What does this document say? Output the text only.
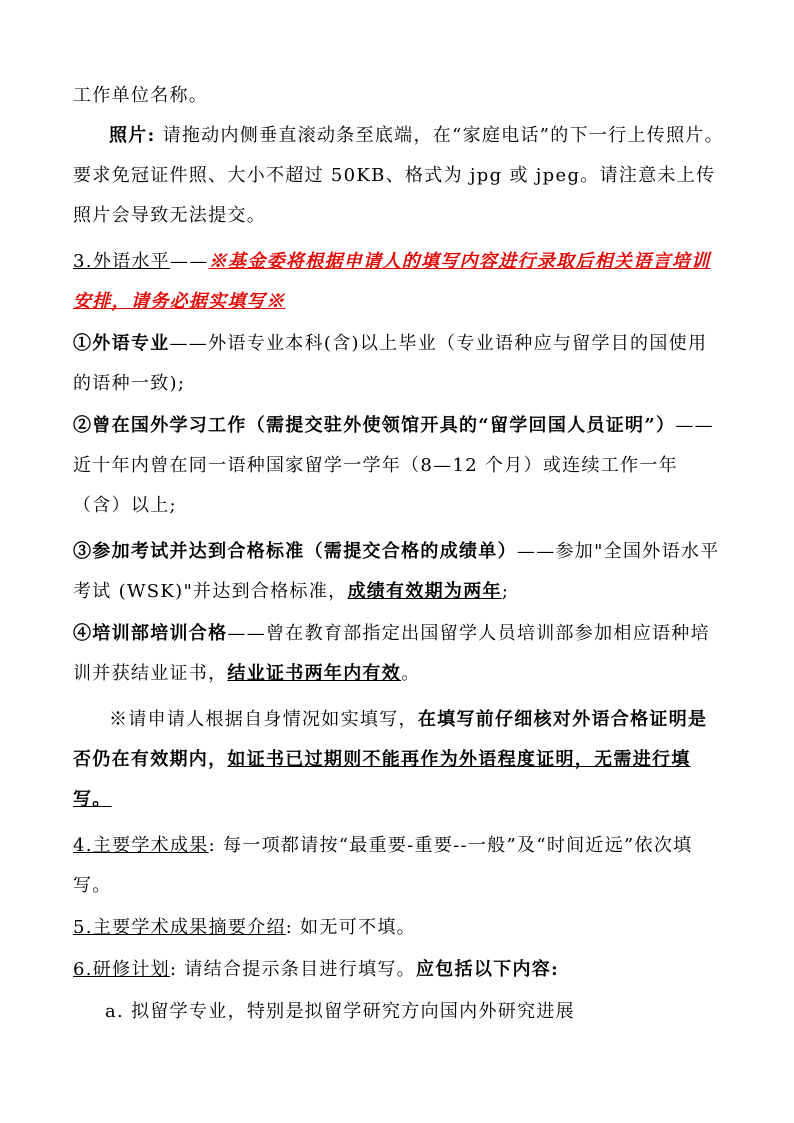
工作单位名称。

照片: 请拖动内侧垂直滚动条至底端，在“家庭电话”的下一行上传照片。要求免冠证件照、大小不超过 50KB、格式为 jpg 或 jpeg。请注意未上传照片会导致无法提交。

3.外语水平——※基金委将根据申请人的填写内容进行录取后相关语言培训安排，请务必据实填写※

①外语专业——外语专业本科(含)以上毕业（专业语种应与留学目的国使用的语种一致);

②曾在国外学习工作（需提交驻外使领馆开具的“留学回国人员证明”）——近十年内曾在同一语种国家留学一学年（8—12 个月）或连续工作一年（含）以上;

③参加考试并达到合格标准（需提交合格的成绩单）——参加"全国外语水平考试 (WSK)"并达到合格标准，成绩有效期为两年;

④培训部培训合格——曾在教育部指定出国留学人员培训部参加相应语种培训并获结业证书，结业证书两年内有效。

※请申请人根据自身情况如实填写，在填写前仔细核对外语合格证明是否仍在有效期内，如证书已过期则不能再作为外语程度证明，无需进行填写。

4.主要学术成果: 每一项都请按“最重要-重要--一般”及“时间近远”依次填写。

5.主要学术成果摘要介绍: 如无可不填。

6.研修计划: 请结合提示条目进行填写。应包括以下内容:

a. 拟留学专业，特别是拟留学研究方向国内外研究进展
